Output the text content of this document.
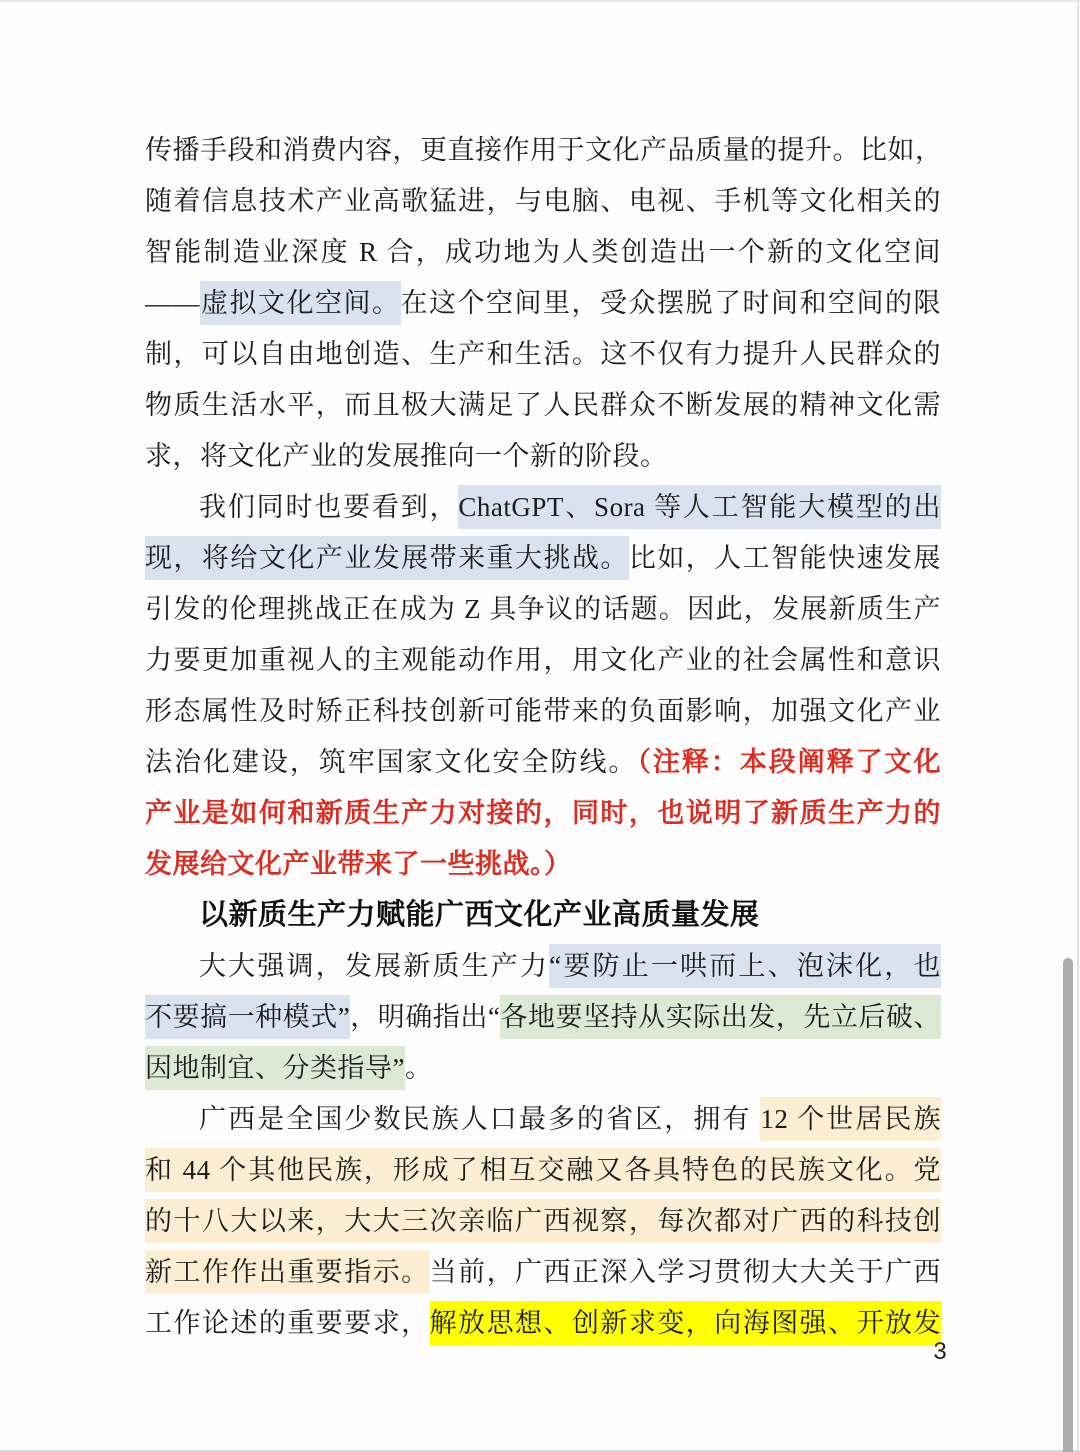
传播手段和消费内容，更直接作用于文化产品质量的提升。比如，
随着信息技术产业高歌猛进，与电脑、电视、手机等文化相关的
智能制造业深度 R 合，成功地为人类创造出一个新的文化空间
——虚拟文化空间。在这个空间里，受众摆脱了时间和空间的限
制，可以自由地创造、生产和生活。这不仅有力提升人民群众的
物质生活水平，而且极大满足了人民群众不断发展的精神文化需
求，将文化产业的发展推向一个新的阶段。
我们同时也要看到，ChatGPT、Sora 等人工智能大模型的出
现，将给文化产业发展带来重大挑战。比如，人工智能快速发展
引发的伦理挑战正在成为 Z 具争议的话题。因此，发展新质生产
力要更加重视人的主观能动作用，用文化产业的社会属性和意识
形态属性及时矫正科技创新可能带来的负面影响，加强文化产业
法治化建设，筑牢国家文化安全防线。（注释：本段阐释了文化
产业是如何和新质生产力对接的，同时，也说明了新质生产力的
发展给文化产业带来了一些挑战。）
以新质生产力赋能广西文化产业高质量发展
大大强调，发展新质生产力“要防止一哄而上、泡沫化，也
不要搞一种模式”，明确指出“各地要坚持从实际出发，先立后破、
因地制宜、分类指导”。
广西是全国少数民族人口最多的省区，拥有 12 个世居民族
和 44 个其他民族，形成了相互交融又各具特色的民族文化。党
的十八大以来，大大三次亲临广西视察，每次都对广西的科技创
新工作作出重要指示。当前，广西正深入学习贯彻大大关于广西
工作论述的重要要求，解放思想、创新求变，向海图强、开放发
3
